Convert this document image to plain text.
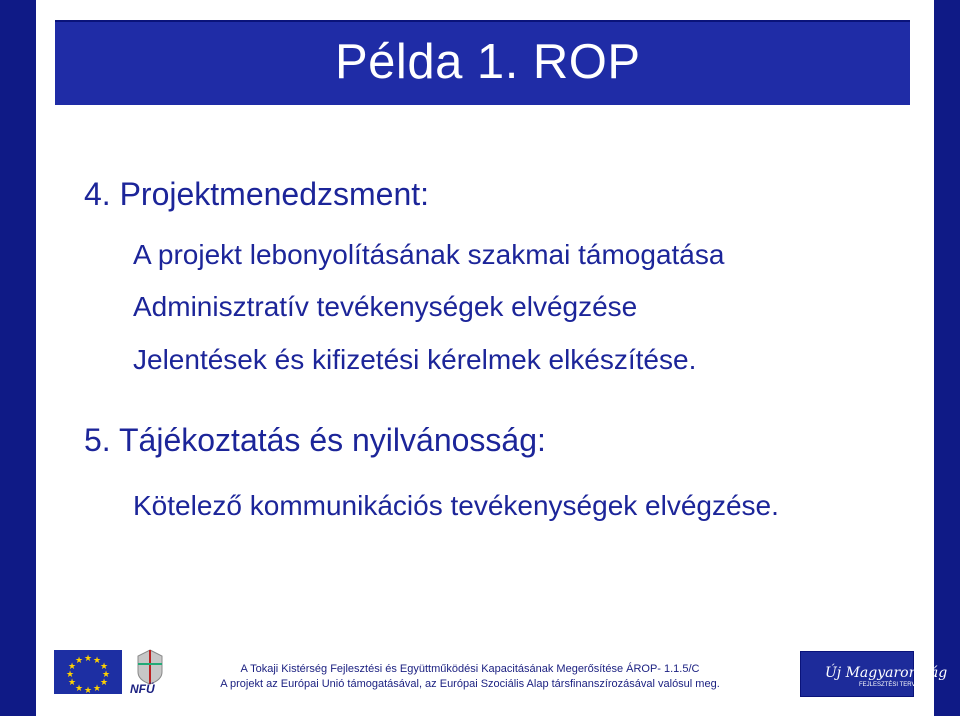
Példa 1. ROP
4. Projektmenedzsment:
A projekt lebonyolításának szakmai támogatása
Adminisztratív tevékenységek elvégzése
Jelentések és kifizetési kérelmek elkészítése.
5. Tájékoztatás és nyilvánosság:
Kötelező kommunikációs tevékenységek elvégzése.
★ ★
★
★
★
★
★
★
★
★
★
★
NFÜ
A Tokaji Kistérség Fejlesztési és Együttműködési Kapacitásának Megerősítése ÁROP- 1.1.5/C
A projekt az Európai Unió támogatásával, az Európai Szociális Alap társfinanszírozásával valósul meg.
Új Magyarország
FEJLESZTÉSI TERV
